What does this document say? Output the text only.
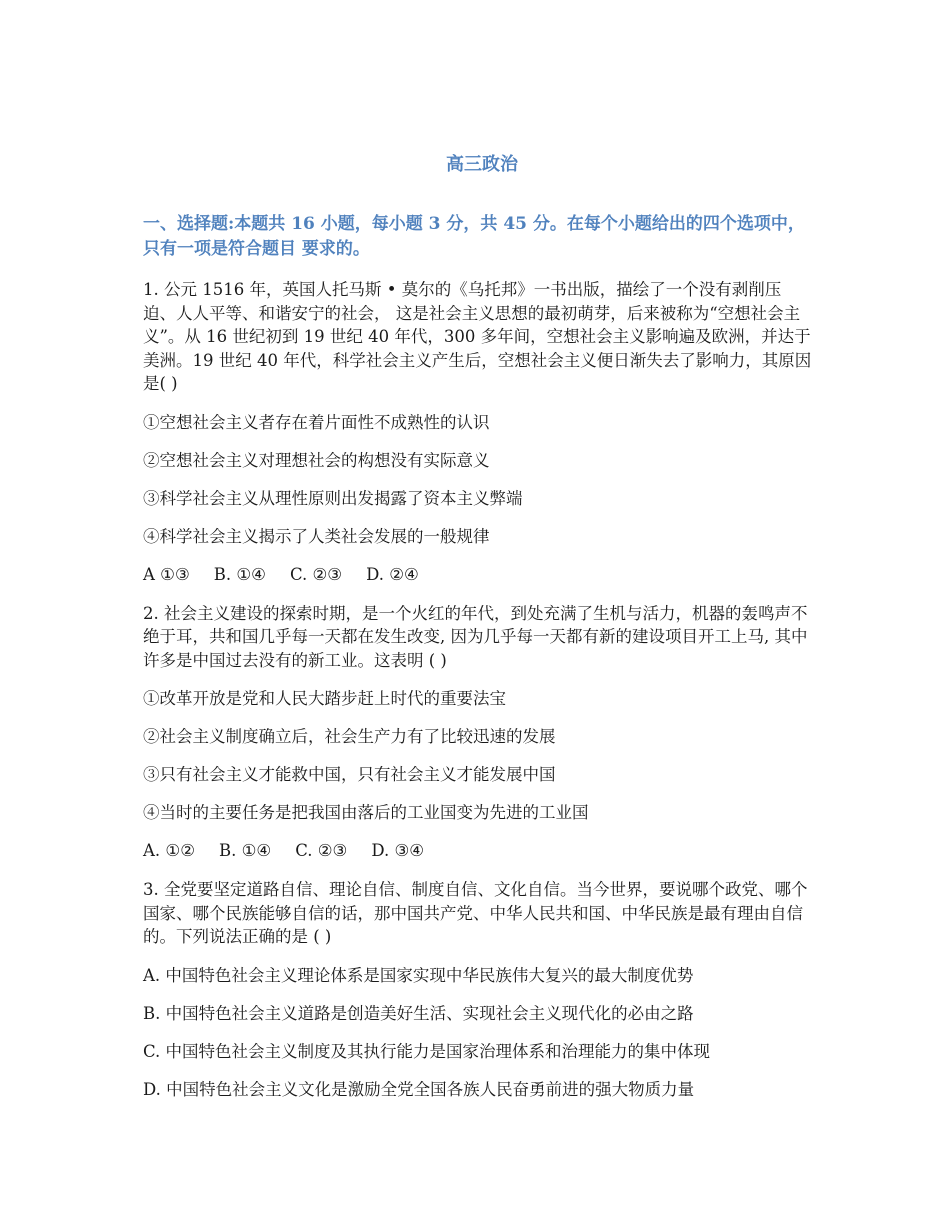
高三政治
一、选择题:本题共 16 小题，每小题 3 分，共 45 分。在每个小题给出的四个选项中，只有一项是符合题目 要求的。
1. 公元 1516 年，英国人托马斯 • 莫尔的《乌托邦》一书出版，描绘了一个没有剥削压迫、人人平等、和谐安宁的社会， 这是社会主义思想的最初萌芽，后来被称为“空想社会主义”。从 16 世纪初到 19 世纪 40 年代，300 多年间，空想社会主义影响遍及欧洲，并达于美洲。19 世纪 40 年代，科学社会主义产生后，空想社会主义便日渐失去了影响力，其原因是( )
①空想社会主义者存在着片面性不成熟性的认识
②空想社会主义对理想社会的构想没有实际意义
③科学社会主义从理性原则出发揭露了资本主义弊端
④科学社会主义揭示了人类社会发展的一般规律
A ①③ B. ①④ C. ②③ D. ②④
2. 社会主义建设的探索时期，是一个火红的年代，到处充满了生机与活力，机器的轰鸣声不绝于耳，共和国几乎每一天都在发生改变, 因为几乎每一天都有新的建设项目开工上马, 其中许多是中国过去没有的新工业。这表明 ( )
①改革开放是党和人民大踏步赶上时代的重要法宝
②社会主义制度确立后，社会生产力有了比较迅速的发展
③只有社会主义才能救中国，只有社会主义才能发展中国
④当时的主要任务是把我国由落后的工业国变为先进的工业国
A. ①② B. ①④ C. ②③ D. ③④
3. 全党要坚定道路自信、理论自信、制度自信、文化自信。当今世界，要说哪个政党、哪个国家、哪个民族能够自信的话，那中国共产党、中华人民共和国、中华民族是最有理由自信的。下列说法正确的是 ( )
A. 中国特色社会主义理论体系是国家实现中华民族伟大复兴的最大制度优势
B. 中国特色社会主义道路是创造美好生活、实现社会主义现代化的必由之路
C. 中国特色社会主义制度及其执行能力是国家治理体系和治理能力的集中体现
D. 中国特色社会主义文化是激励全党全国各族人民奋勇前进的强大物质力量
